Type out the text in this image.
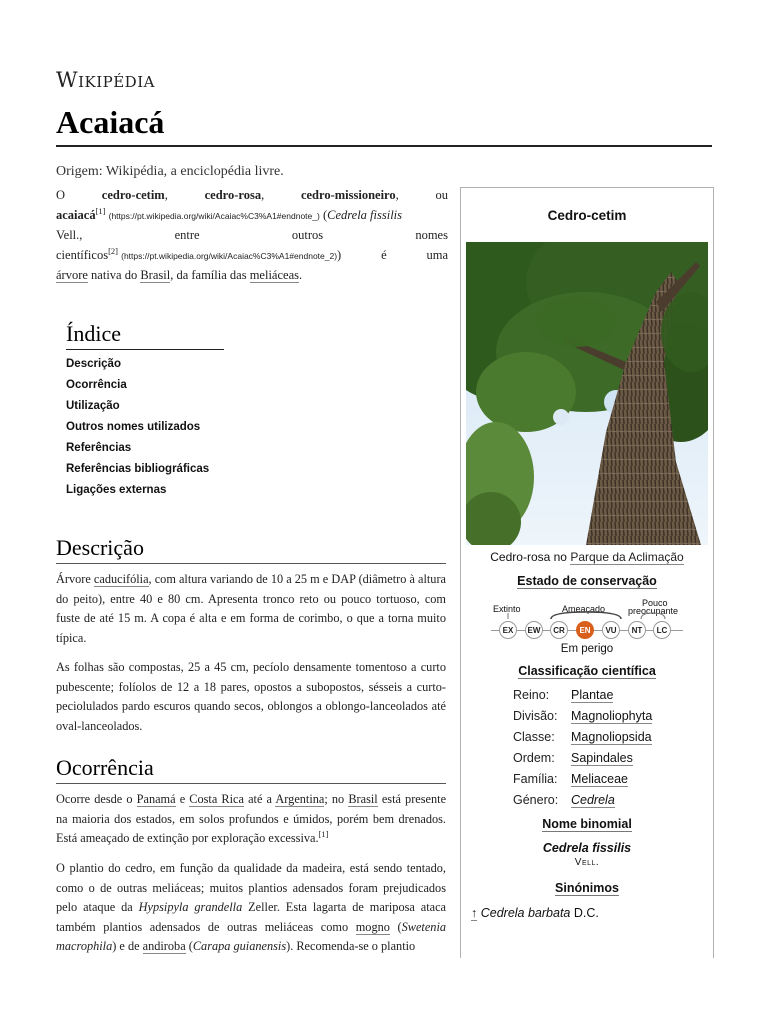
Wikipédia
Acaiacá
Origem: Wikipédia, a enciclopédia livre.
O	cedro-cetim,	cedro-rosa,	cedro-missioneiro,	ou
acaiacá[1] (https://pt.wikipedia.org/wiki/Acaiac%C3%A1#endnote_) (Cedrela fissilis
Vell.,	entre	outros	nomes
científicos[2] (https://pt.wikipedia.org/wiki/Acaiac%C3%A1#endnote_2))	é	uma
árvore nativa do Brasil, da família das meliáceas.
Índice
Descrição
Ocorrência
Utilização
Outros nomes utilizados
Referências
Referências bibliográficas
Ligações externas
Descrição

Árvore caducifólia, com altura variando de 10 a 25 m e DAP (diâmetro à altura do peito), entre 40 e 80 cm. Apresenta tronco reto ou pouco tortuoso, com fuste de até 15 m. A copa é alta e em forma de corimbo, o que a torna muito típica.

As folhas são compostas, 25 a 45 cm, pecíolo densamente tomentoso a curto pubescente; folíolos de 12 a 18 pares, opostos a subopostos, sésseis a curto-peciolulados pardo escuros quando secos, oblongos a oblongo-lanceolados até oval-lanceolados.

Ocorrência

Ocorre desde o Panamá e Costa Rica até a Argentina; no Brasil está presente na maioria dos estados, em solos profundos e úmidos, porém bem drenados. Está ameaçado de extinção por exploração excessiva.[1]

O plantio do cedro, em função da qualidade da madeira, está sendo tentado, como o de outras meliáceas; muitos plantios adensados foram prejudicados pelo ataque da Hypsipyla grandella Zeller. Esta lagarta de mariposa ataca também plantios adensados de outras meliáceas como mogno (Swetenia macrophila) e de andiroba (Carapa guianensis). Recomenda-se o plantio

Cedro-cetim
Cedro-rosa no Parque da Aclimação
Estado de conservação
Extinto	Ameaçado
Pouco
preocupante
EX	EW	CR	EN	VU	NT	LC
Em perigo
Classificação científica
Reino: Plantae
Divisão: Magnoliophyta
Classe: Magnoliopsida
Ordem: Sapindales
Família: Meliaceae
Género: Cedrela
Nome binomial
Cedrela fissilis
Vell.
Sinónimos
↑ Cedrela barbata D.C.
